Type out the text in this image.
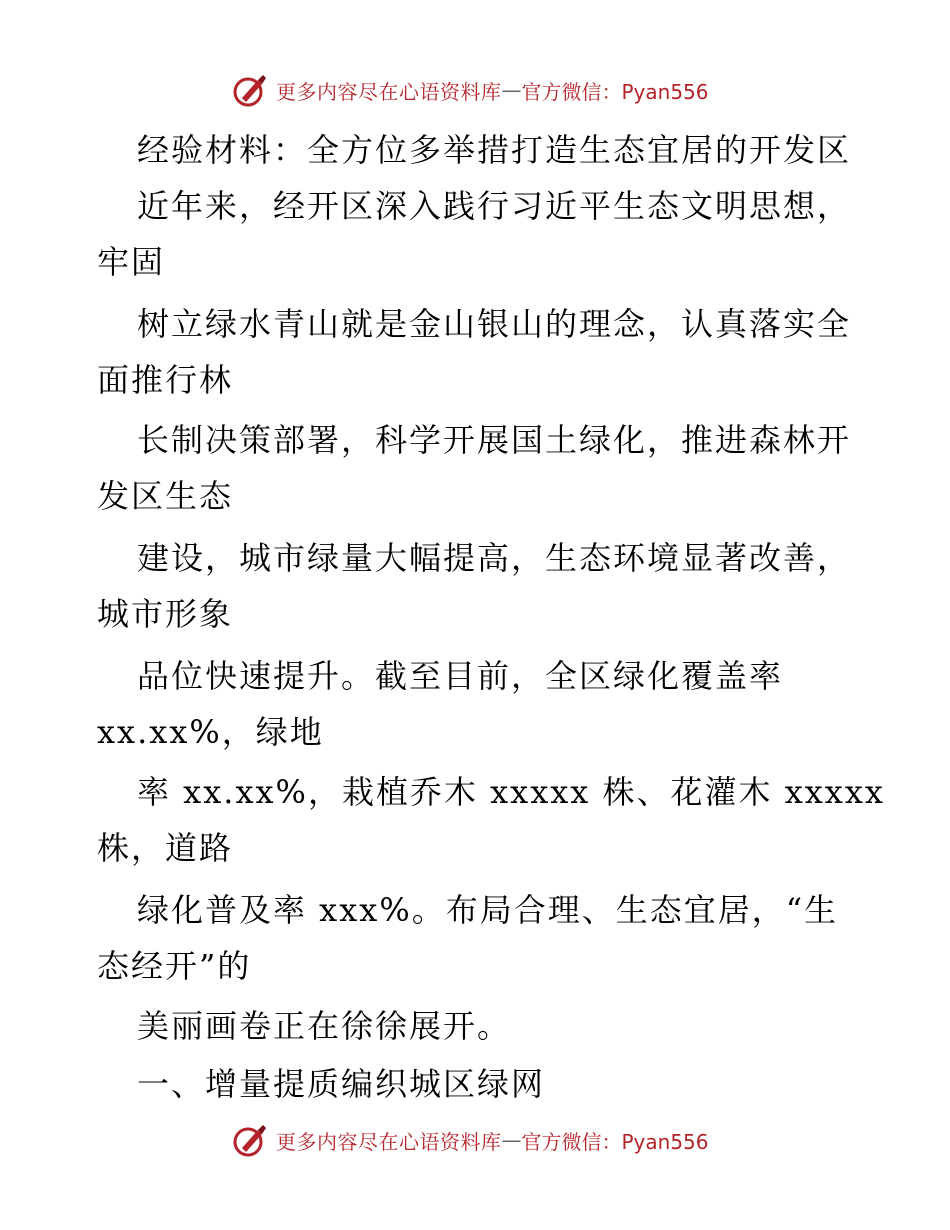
更多内容尽在心语资料库 — 官方微信：Pyan556
经验材料：全方位多举措打造生态宜居的开发区
近年来，经开区深入践行习近平生态文明思想，
牢固
树立绿水青山就是金山银山的理念，认真落实全
面推行林
长制决策部署，科学开展国土绿化，推进森林开
发区生态
建设，城市绿量大幅提高，生态环境显著改善，
城市形象
品位快速提升。截至目前，全区绿化覆盖率
xx.xx%，绿地
率 xx.xx%，栽植乔木 xxxxx 株、花灌木 xxxxx
株，道路
绿化普及率 xxx%。布局合理、生态宜居，“生
态经开”的
美丽画卷正在徐徐展开。
一、增量提质编织城区绿网
更多内容尽在心语资料库 — 官方微信：Pyan556
